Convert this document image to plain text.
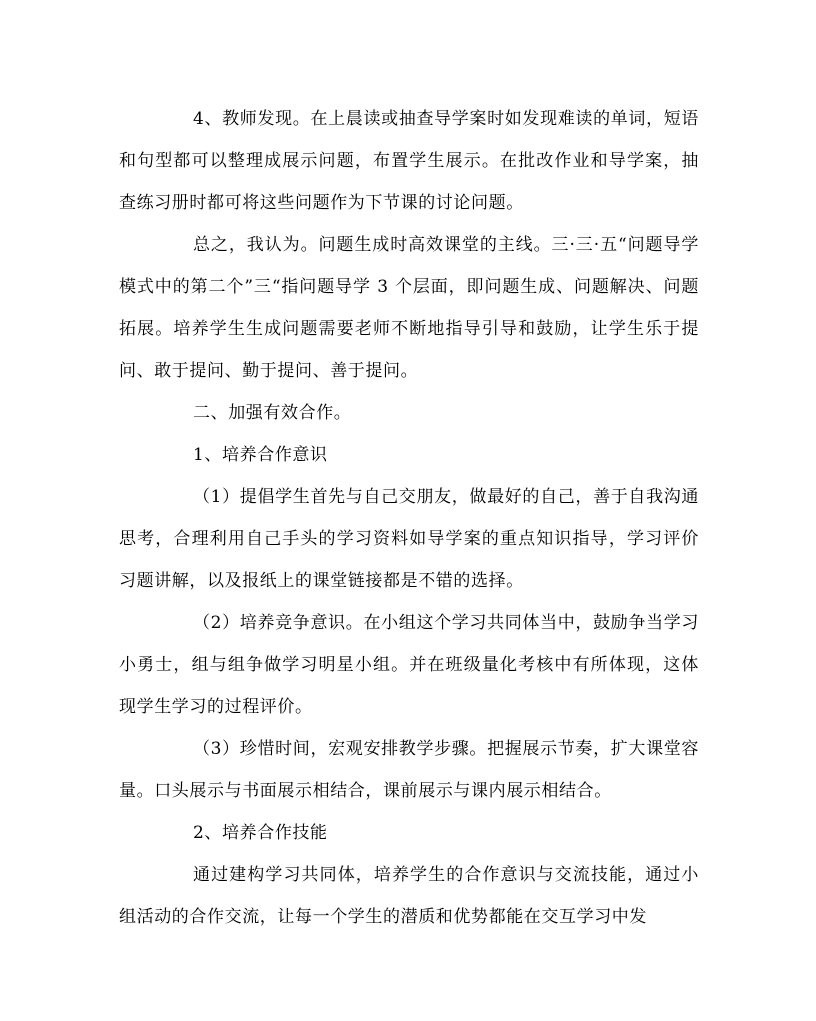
4、教师发现。在上晨读或抽查导学案时如发现难读的单词，短语和句型都可以整理成展示问题，布置学生展示。在批改作业和导学案，抽查练习册时都可将这些问题作为下节课的讨论问题。

总之，我认为。问题生成时高效课堂的主线。三·三·五“问题导学模式中的第二个”三“指问题导学 3 个层面，即问题生成、问题解决、问题拓展。培养学生生成问题需要老师不断地指导引导和鼓励，让学生乐于提问、敢于提问、勤于提问、善于提问。

二、加强有效合作。

1、培养合作意识

（1）提倡学生首先与自己交朋友，做最好的自己，善于自我沟通思考，合理利用自己手头的学习资料如导学案的重点知识指导，学习评价习题讲解，以及报纸上的课堂链接都是不错的选择。

（2）培养竞争意识。在小组这个学习共同体当中，鼓励争当学习小勇士，组与组争做学习明星小组。并在班级量化考核中有所体现，这体现学生学习的过程评价。

（3）珍惜时间，宏观安排教学步骤。把握展示节奏，扩大课堂容量。口头展示与书面展示相结合，课前展示与课内展示相结合。

2、培养合作技能

通过建构学习共同体，培养学生的合作意识与交流技能，通过小组活动的合作交流，让每一个学生的潜质和优势都能在交互学习中发
